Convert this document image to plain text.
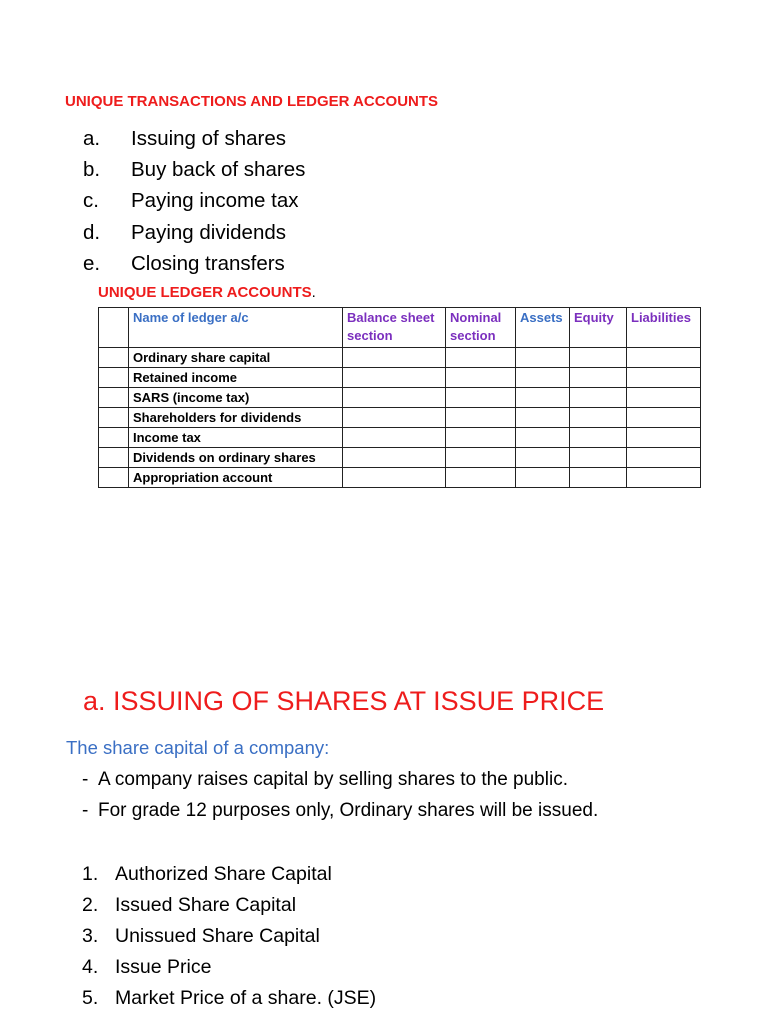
UNIQUE TRANSACTIONS AND LEDGER ACCOUNTS
a. Issuing of shares
b. Buy back of shares
c. Paying income tax
d. Paying dividends
e. Closing transfers
UNIQUE LEDGER ACCOUNTS.
	Name of ledger a/c	Balance sheet section	Nominal section	Assets	Equity	Liabilities
	Ordinary share capital					
	Retained income					
	SARS (income tax)					
	Shareholders for dividends					
	Income tax					
	Dividends on ordinary shares					
	Appropriation account					
a. ISSUING OF SHARES AT ISSUE PRICE
The share capital of a company:
- A company raises capital by selling shares to the public.
- For grade 12 purposes only, Ordinary shares will be issued.
1. Authorized Share Capital
2. Issued Share Capital
3. Unissued Share Capital
4. Issue Price
5. Market Price of a share. (JSE)
